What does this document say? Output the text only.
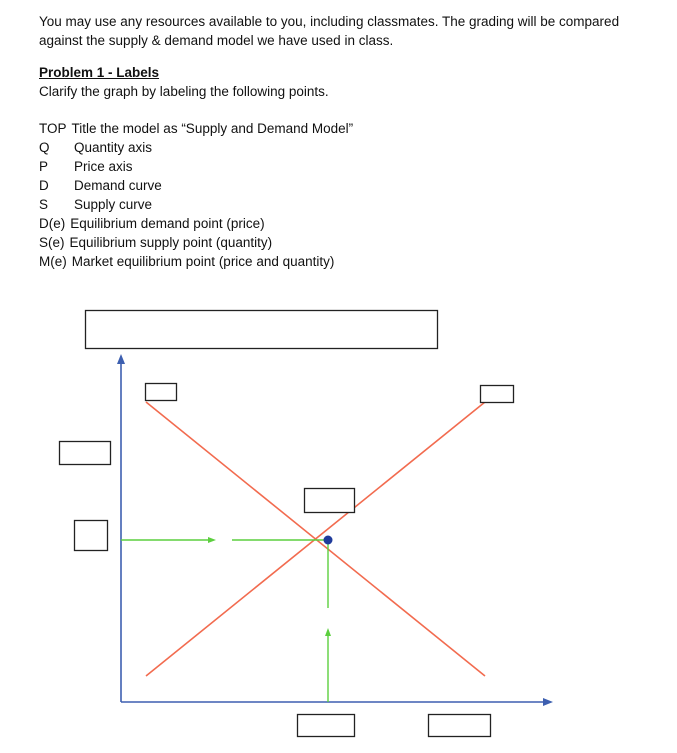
You may use any resources available to you, including classmates. The grading will be compared against the supply & demand model we have used in class.

Problem 1 - Labels

Clarify the graph by labeling the following points.

TOP Title the model as “Supply and Demand Model”
Q	Quantity axis
P	Price axis
D	Demand curve
S	Supply curve
D(e) Equilibrium demand point (price)
S(e) Equilibrium supply point (quantity)
M(e) Market equilibrium point (price and quantity)
